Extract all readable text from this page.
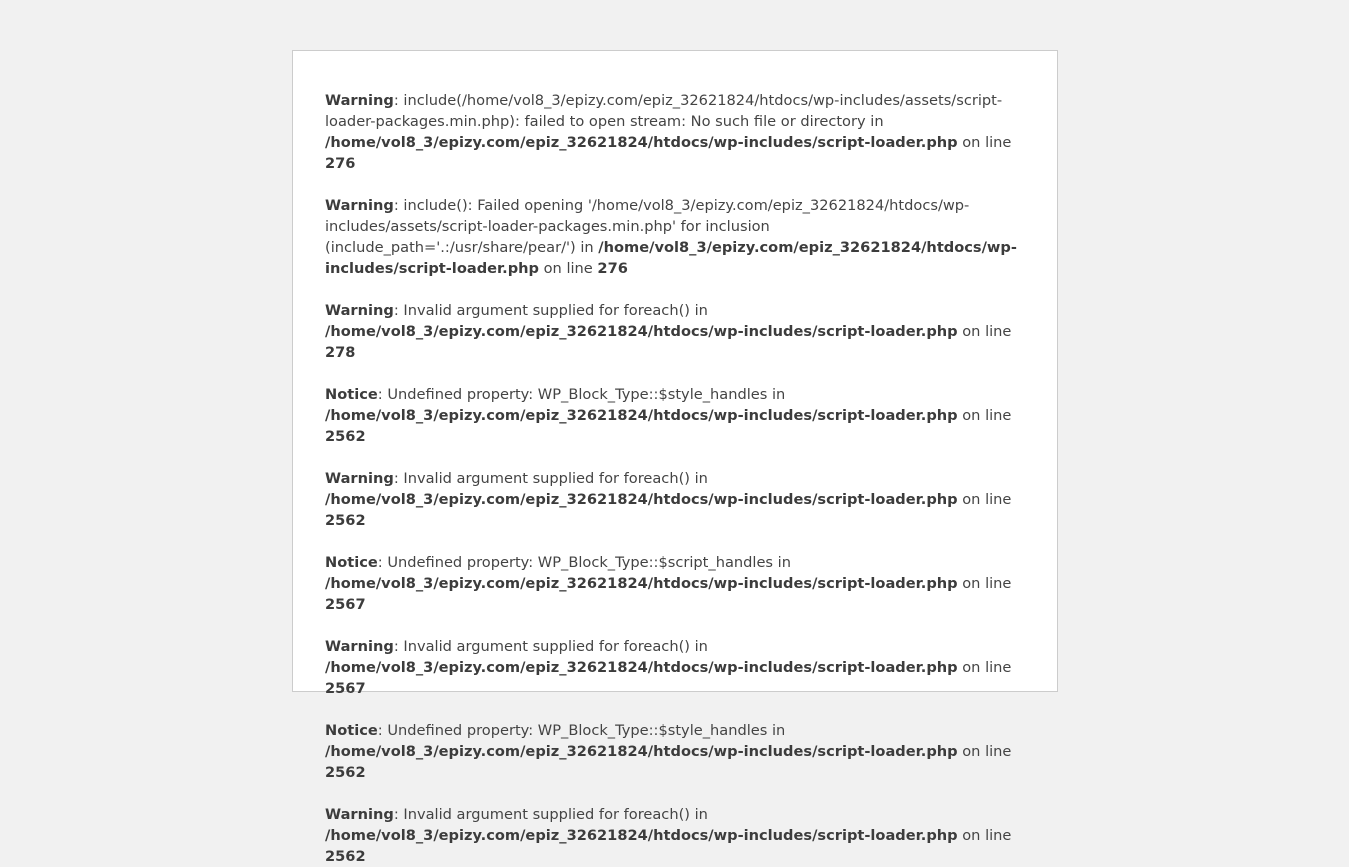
Warning: include(/home/vol8_3/epizy.com/epiz_32621824/htdocs/wp-includes/assets/script-loader-packages.min.php): failed to open stream: No such file or directory in /home/vol8_3/epizy.com/epiz_32621824/htdocs/wp-includes/script-loader.php on line 276

Warning: include(): Failed opening '/home/vol8_3/epizy.com/epiz_32621824/htdocs/wp-includes/assets/script-loader-packages.min.php' for inclusion (include_path='.:/usr/share/pear/') in /home/vol8_3/epizy.com/epiz_32621824/htdocs/wp-includes/script-loader.php on line 276

Warning: Invalid argument supplied for foreach() in /home/vol8_3/epizy.com/epiz_32621824/htdocs/wp-includes/script-loader.php on line 278

Notice: Undefined property: WP_Block_Type::$style_handles in /home/vol8_3/epizy.com/epiz_32621824/htdocs/wp-includes/script-loader.php on line 2562

Warning: Invalid argument supplied for foreach() in /home/vol8_3/epizy.com/epiz_32621824/htdocs/wp-includes/script-loader.php on line 2562

Notice: Undefined property: WP_Block_Type::$script_handles in /home/vol8_3/epizy.com/epiz_32621824/htdocs/wp-includes/script-loader.php on line 2567

Warning: Invalid argument supplied for foreach() in /home/vol8_3/epizy.com/epiz_32621824/htdocs/wp-includes/script-loader.php on line 2567

Notice: Undefined property: WP_Block_Type::$style_handles in /home/vol8_3/epizy.com/epiz_32621824/htdocs/wp-includes/script-loader.php on line 2562

Warning: Invalid argument supplied for foreach() in /home/vol8_3/epizy.com/epiz_32621824/htdocs/wp-includes/script-loader.php on line 2562
